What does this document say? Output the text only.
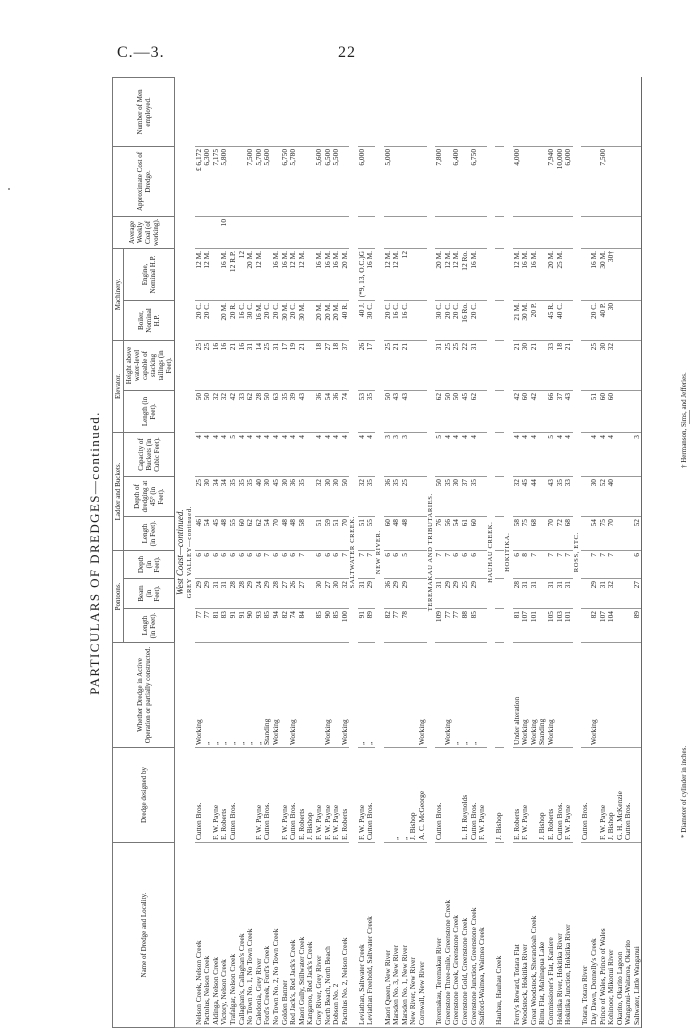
C.—3.	22
PARTICULARS OF DREDGES—continued.
Name of Dredge and Locality.	Dredge designed by	Whether Dredge in Active Operation or partially constructed.	Pontoons.			Ladder and Buckets.			Elevator.		Machinery.		Average Weekly Coal (of working).	Approximate Cost of Dredge.	Number of Men employed.
			Length (in Feet).	Beam (in Feet).	Depth (in Feet).	Length (in Feet).	Depth of dredging at 45° (in Feet).	Capacity of Buckets (in Cubic Feet).	Length (in Feet).	Height above water-level capable of stacking tailings (in Feet).	Boiler, Nominal H.P.	Engine, Nominal H.P.			
West Coast—continued.															
GREY VALLEY—continued.															
Nelson Creek, Nelson Creek	Cutten Bros.	Working	77	29	6	46	25	4	50	25	20 C.	12 M.		£ 6,172	
Pactolus, Nelson Creek		„	77	29	6	54	30	4	50	25	20 C.	12 M.		6,300	
Aldinga, Nelson Creek	F. W. Payne	„	81	31	6	45	34	4	32	16				7,175	
Victory, Nelson Creek	E. Roberts	„	83	31	6	48	34	4	32	16	20 M.	16 M.	10	5,800	
Trafalgar, Nelson Creek	Cutten Bros.	„	91	28	6	55	35	5	42	21	20 R.	12 R.P.			
Callaghan's, Callaghan's Creek		„	91	28	6	60	35	4	33	16	16 C.	12			
No Town No. 1, No Town Creek		„	90	29	6	62	35	4	62	31	30 C.	20 M.		7,500	
Caledonia, Grey River	F. W. Payne	„	93	24	6	62	40	4	28	14	16 M.	12 M.		5,700	
Ford's Creek, Ford's Creek	Cutten Bros.	Standing	85	29	7	54	30	4	50	25	20 C.			5,600	
No Town No. 2, No Town Creek		Working	94	28	6	70	45	4	63	31	20 C.	16 M.			
Golden Banner	F. W. Payne		82	27	6	48	30	4	35	17	30 M.	16 M.		6,750	
Red Jack's, Red Jack's Creek	Cutten Bros.	Working	74	26	6	48	36	4	39	19	20 C.	12 M.		5,780	
Maori Gully, Stillwater Creek	E. Roberts		84	27	7	58	35	4	43	21	30 M.	12 M.			
Kangaroo, Red Jack's Creek	J. Bishop														
Grey River, Grey River	F. W. Payne		85	30	6	51	32	4	36	18	20 M.	16 M.		5,600	
North Beach, North Beach	F. W. Payne	Working	90	27	6	59	30	4	54	27	20 M.	16 M.		6,500	
Dobson No. 2	F. W. Payne		85	30	6	51	30	4	36	18	20 M.	16 M.		5,500	
Pactolus No. 2, Nelson Creek	E. Roberts	Working	100	32	7	70	50	4	74	37	40 R.	20 M.			
SALTWATER CREEK.															
Leviathan, Saltwater Creek	F. W. Payne	„	91	31	7	51	32	4	53	26	40 J.	(*9, 13, O.C.)G		6,000	
Leviathan Freehold, Saltwater Creek	Cutten Bros.	„	89	29	7	55	35	4	35	17	30 C.	16 M.			
NEW RIVER.															
Maori Queen, New River			82	36	6	60	36	3	50	25	20 C.	12 M.		5,000	
Marsden No. 3, New River	„		77	29	6	48	35	3	43	21	16 C.	12 M.			
Marsden No. 1, New River	„		78	29	5	48	25	3	43	21	16 C.	12			
New River, New River	J. Bishop														
Cornwall, New River	A. C. McGeorge	Working													
TEREMAKAU AND TRIBUTARIES.															
Teremakau, Teremakau River	Cutten Bros.		109	31	7	76	50	5	62	31	30 C.	20 M.		7,800	
Greenstone Three-mile, Greenstone Creek		Working	77	29	7	56	35	4	50	25	20 C.	12 M.			
Greenstone Creek, Greenstone Creek		„	77	29	6	54	30	4	50	25	20 C.	12 M.		6,400	
Greenstone Gold, Greenstone Creek	L. H. Reynolds	„	88	25	6	61	37	4	45	22	16 Ro.	12 Ro.			
Greenstone Junction, Greenstone Creek	Cutten Bros.	„	85	29	6	60	35	4	62	31	20 C.	16 M.		6,750	
Stafford-Waimea, Waimea Creek	F. W. Payne														
HAUHAU CREEK.															
Hauhau, Hauhau Creek	J. Bishop														
HOKITIKA.															
Ferry's Reward, Totara Flat	E. Roberts	Under alteration	81	28	6	58	32	4	42	21	21 M.	12 M.		4,000	
Woodstock, Hokitika River	F. W. Payne	Working	107	31	8	75	45	4	60	30	30 M.	16 M.			
Great Woodstock, Sherandoah Creek		Working	101	31	7	68	44	4	42	21	20 P.	16 M.			
Rimu Flat, Mahinapua Lake	J. Bishop	Standing													
Commissioner's Flat, Kaniere	E. Roberts	Working	105	31	7	70	43	5	66	33	45 R.	20 M.		7,940	
Hokitika River, Hokitika River	Cutten Bros.		103	31	7	72	35	4	37	18	40 C.	25 M.		10,000	
Hokitika Junction, Hokitika River	F. W. Payne		101	31	7	68	33	4	43	21				6,000	
ROSS, ETC.															
Totara, Totara River	Cutten Bros.														
Day Dawn, Donnelly's Creek		Working	82	29	7	54	30	4	51	25	20 C.	16 M.			
Prince of Wales, Prince of Wales	F. W. Payne		107	31	7	75	52	4	60	30	40 P.	30 M.		7,500	
Kohinoor, Mikonui River	J. Bishop		104	32	7	70	40	4	60	32	30	30†			
Okarito, Okarito Lagoon	G. H. McKenzie														
Wanganui-Waitaroa, Okarito	Cutten Bros.														
Saltwater, Little Wanganui			89	27	6	52		3							
* Diameter of cylinder in inches.
† Hermanson, Sims, and Jefferies.
